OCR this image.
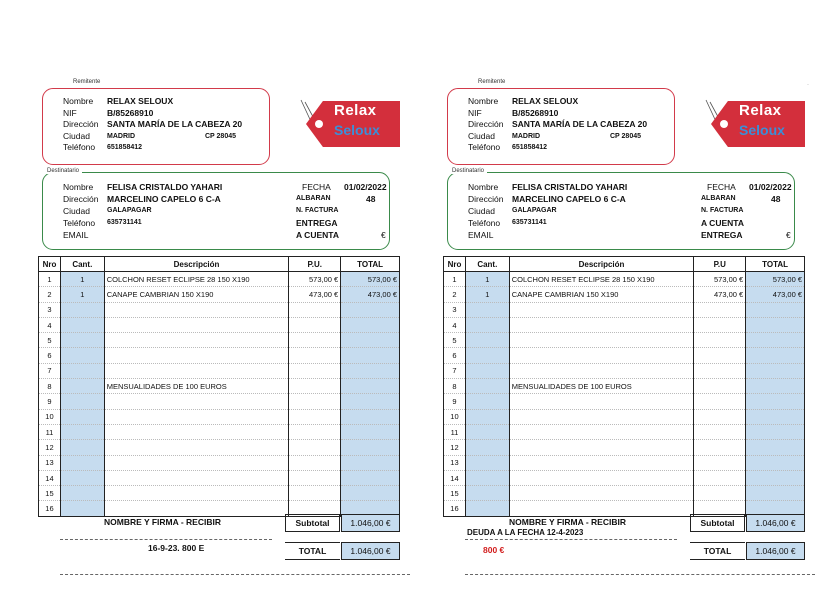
Remitente
Nombre	RELAX SELOUX
NIF	B/85268910
Dirección	SANTA MARÍA DE LA CABEZA 20
Ciudad	MADRID	CP 28045
Teléfono	651858412
Relax
Seloux
Destinatario
Nombre	FELISA CRISTALDO YAHARI
Dirección	MARCELINO CAPELO 6 C-A
Ciudad	GALAPAGAR
Teléfono	635731141
EMAIL
FECHA	01/02/2022
ALBARAN	48
N. FACTURA
ENTREGA
A CUENTA	€
Nro	Cant.	Descripción	P.U.	TOTAL
1	1	COLCHON RESET ECLIPSE 28 150 X190	573,00 €	573,00 €
2	1	CANAPE CAMBRIAN 150 X190	473,00 €	473,00 €
3				
4				
5				
6				
7				
8		MENSUALIDADES DE 100 EUROS		
9				
10				
11				
12				
13				
14				
15				
16				
NOMBRE Y FIRMA - RECIBIR	Subtotal	1.046,00 €
16-9-23. 800 E	TOTAL	1.046,00 €
Remitente
Nombre	RELAX SELOUX
NIF	B/85268910
Dirección	SANTA MARÍA DE LA CABEZA 20
Ciudad	MADRID	CP 28045
Teléfono	651858412
Relax
Seloux
Destinatario
Nombre	FELISA CRISTALDO YAHARI
Dirección	MARCELINO CAPELO 6 C-A
Ciudad	GALAPAGAR
Teléfono	635731141
EMAIL
FECHA	01/02/2022
ALBARAN	48
N. FACTURA
A CUENTA
ENTREGA	€
Nro	Cant.	Descripción	P.U	TOTAL
1	1	COLCHON RESET ECLIPSE 28 150 X190	573,00 €	573,00 €
2	1	CANAPE CAMBRIAN 150 X190	473,00 €	473,00 €
3				
4				
5				
6				
7				
8		MENSUALIDADES DE 100 EUROS		
9				
10				
11				
12				
13				
14				
15				
16				
NOMBRE Y FIRMA - RECIBIR	Subtotal	1.046,00 €
DEUDA A LA FECHA 12-4-2023
800 €	TOTAL	1.046,00 €
·
